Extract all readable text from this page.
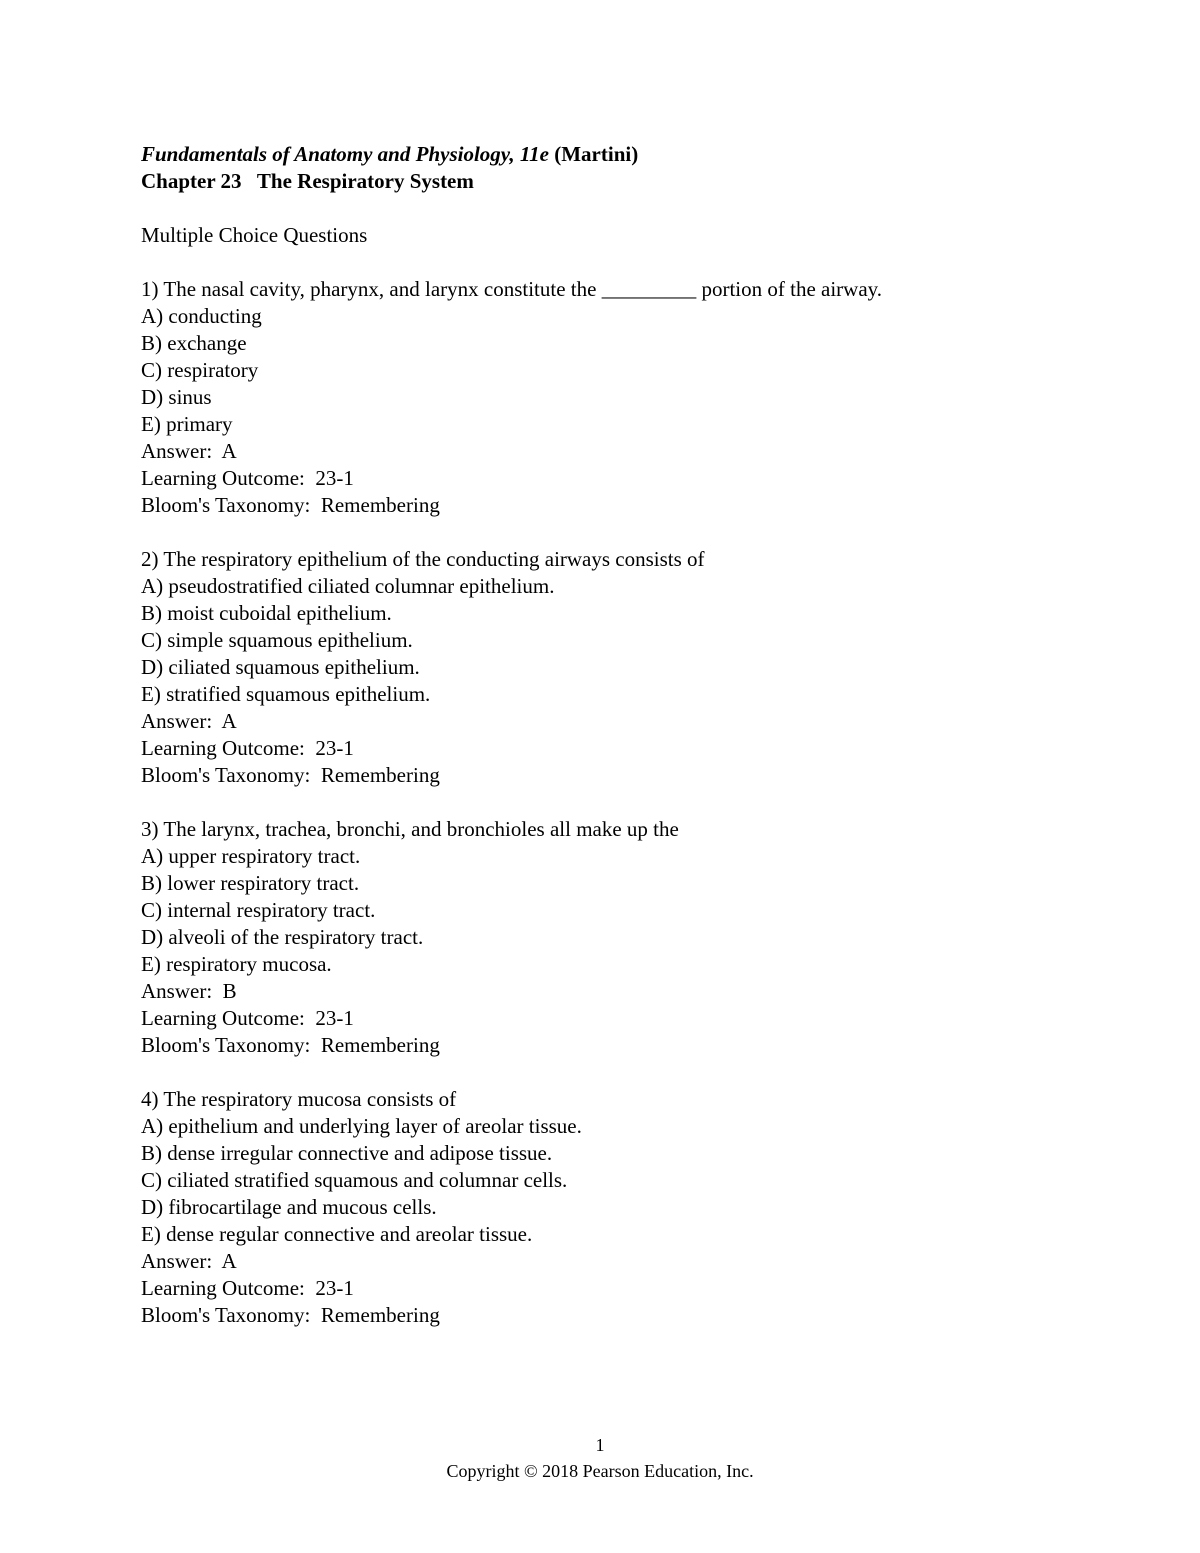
Fundamentals of Anatomy and Physiology, 11e (Martini)
Chapter 23   The Respiratory System
Multiple Choice Questions
1) The nasal cavity, pharynx, and larynx constitute the _________ portion of the airway.
A) conducting
B) exchange
C) respiratory
D) sinus
E) primary
Answer:  A
Learning Outcome:  23-1
Bloom's Taxonomy:  Remembering
2) The respiratory epithelium of the conducting airways consists of
A) pseudostratified ciliated columnar epithelium.
B) moist cuboidal epithelium.
C) simple squamous epithelium.
D) ciliated squamous epithelium.
E) stratified squamous epithelium.
Answer:  A
Learning Outcome:  23-1
Bloom's Taxonomy:  Remembering
3) The larynx, trachea, bronchi, and bronchioles all make up the
A) upper respiratory tract.
B) lower respiratory tract.
C) internal respiratory tract.
D) alveoli of the respiratory tract.
E) respiratory mucosa.
Answer:  B
Learning Outcome:  23-1
Bloom's Taxonomy:  Remembering
4) The respiratory mucosa consists of
A) epithelium and underlying layer of areolar tissue.
B) dense irregular connective and adipose tissue.
C) ciliated stratified squamous and columnar cells.
D) fibrocartilage and mucous cells.
E) dense regular connective and areolar tissue.
Answer:  A
Learning Outcome:  23-1
Bloom's Taxonomy:  Remembering
1
Copyright © 2018 Pearson Education, Inc.
